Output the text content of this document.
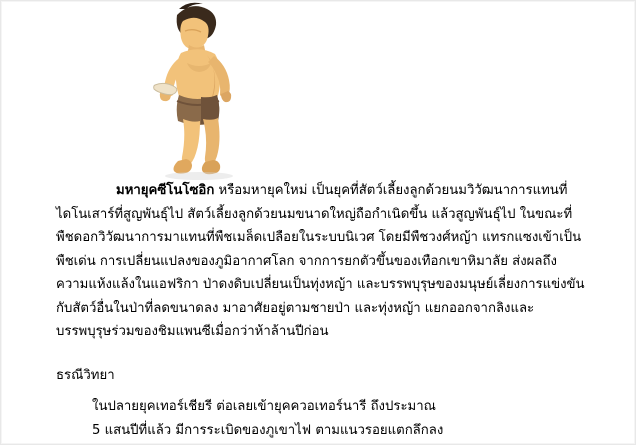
มหายุคซีโนโซอิก หรือมหายุคใหม่ เป็นยุคที่สัตว์เลี้ยงลูกด้วยนมวิวัฒนาการแทนที่ไดโนเสาร์ที่สูญพันธุ์ไป สัตว์เลี้ยงลูกด้วยนมขนาดใหญ่ถือกำเนิดขึ้น แล้วสูญพันธุ์ไป ในขณะที่พืชดอกวิวัฒนาการมาแทนที่พืชเมล็ดเปลือยในระบบนิเวศ โดยมีพืชวงศ์หญ้า แทรกแซงเข้าเป็นพืชเด่น การเปลี่ยนแปลงของภูมิอากาศโลก จากการยกตัวขึ้นของเทือกเขาหิมาลัย ส่งผลถึงความแห้งแล้งในแอฟริกา ป่าดงดิบเปลี่ยนเป็นทุ่งหญ้า และบรรพบุรุษของมนุษย์เลี่ยงการแข่งขันกับสัตว์อื่นในป่าที่ลดขนาดลง มาอาศัยอยู่ตามชายป่า และทุ่งหญ้า แยกออกจากลิงและบรรพบุรุษร่วมของชิมแพนซีเมื่อกว่าห้าล้านปีก่อน

ธรณีวิทยา

ในปลายยุคเทอร์เชียรี ต่อเลยเข้ายุคควอเทอร์นารี ถึงประมาณ
5 แสนปีที่แล้ว มีการระเบิดของภูเขาไฟ ตามแนวรอยแตกลึกลง
